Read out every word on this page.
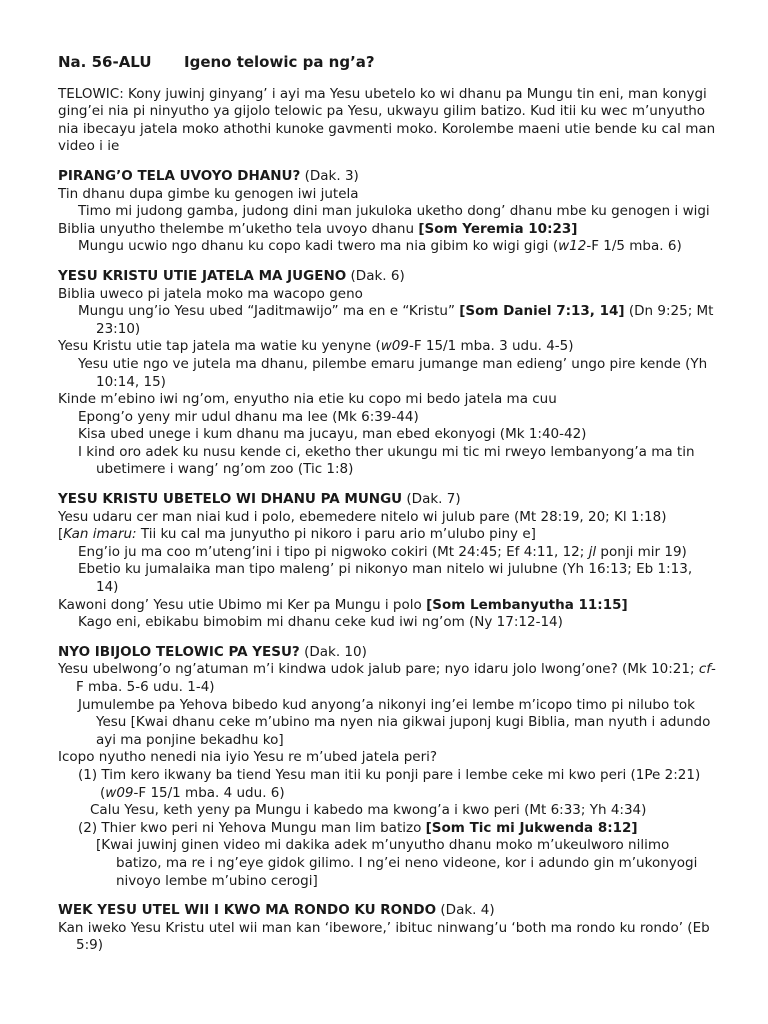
Na. 56-ALU Igeno telowic pa ng’a?
TELOWIC: Kony juwinj ginyang’ i ayi ma Yesu ubetelo ko wi dhanu pa Mungu tin eni, man konygi ging’ei nia pi ninyutho ya gijolo telowic pa Yesu, ukwayu gilim batizo. Kud itii ku wec m’unyutho nia ibecayu jatela moko athothi kunoke gavmenti moko. Korolembe maeni utie bende ku cal man video i ie
PIRANG’O TELA UVOYO DHANU? (Dak. 3)
Tin dhanu dupa gimbe ku genogen iwi jutela
Timo mi judong gamba, judong dini man jukuloka uketho dong’ dhanu mbe ku genogen i wigi
Biblia unyutho thelembe m’uketho tela uvoyo dhanu [Som Yeremia 10:23]
Mungu ucwio ngo dhanu ku copo kadi twero ma nia gibim ko wigi gigi (w12-F 1/5 mba. 6)
YESU KRISTU UTIE JATELA MA JUGENO (Dak. 6)
Biblia uweco pi jatela moko ma wacopo geno
Mungu ung’io Yesu ubed “Jaditmawijo” ma en e “Kristu” [Som Daniel 7:13, 14] (Dn 9:25; Mt 23:10)
Yesu Kristu utie tap jatela ma watie ku yenyne (w09-F 15/1 mba. 3 udu. 4-5)
Yesu utie ngo ve jutela ma dhanu, pilembe emaru jumange man edieng’ ungo pire kende (Yh 10:14, 15)
Kinde m’ebino iwi ng’om, enyutho nia etie ku copo mi bedo jatela ma cuu
Epong’o yeny mir udul dhanu ma lee (Mk 6:39-44)
Kisa ubed unege i kum dhanu ma jucayu, man ebed ekonyogi (Mk 1:40-42)
I kind oro adek ku nusu kende ci, eketho ther ukungu mi tic mi rweyo lembanyong’a ma tin ubetimere i wang’ ng’om zoo (Tic 1:8)
YESU KRISTU UBETELO WI DHANU PA MUNGU (Dak. 7)
Yesu udaru cer man niai kud i polo, ebemedere nitelo wi julub pare (Mt 28:19, 20; Kl 1:18)
[Kan imaru: Tii ku cal ma junyutho pi nikoro i paru ario m’ulubo piny e]
Eng’io ju ma coo m’uteng’ini i tipo pi nigwoko cokiri (Mt 24:45; Ef 4:11, 12; jl ponji mir 19)
Ebetio ku jumalaika man tipo maleng’ pi nikonyo man nitelo wi julubne (Yh 16:13; Eb 1:13, 14)
Kawoni dong’ Yesu utie Ubimo mi Ker pa Mungu i polo [Som Lembanyutha 11:15]
Kago eni, ebikabu bimobim mi dhanu ceke kud iwi ng’om (Ny 17:12-14)
NYO IBIJOLO TELOWIC PA YESU? (Dak. 10)
Yesu ubelwong’o ng’atuman m’i kindwa udok jalub pare; nyo idaru jolo lwong’one? (Mk 10:21; cf-F mba. 5-6 udu. 1-4)
Jumulembe pa Yehova bibedo kud anyong’a nikonyi ing’ei lembe m’icopo timo pi nilubo tok Yesu [Kwai dhanu ceke m’ubino ma nyen nia gikwai juponj kugi Biblia, man nyuth i adundo ayi ma ponjine bekadhu ko]
Icopo nyutho nenedi nia iyio Yesu re m’ubed jatela peri?
(1) Tim kero ikwany ba tiend Yesu man itii ku ponji pare i lembe ceke mi kwo peri (1Pe 2:21) (w09-F 15/1 mba. 4 udu. 6)
Calu Yesu, keth yeny pa Mungu i kabedo ma kwong’a i kwo peri (Mt 6:33; Yh 4:34)
(2) Thier kwo peri ni Yehova Mungu man lim batizo [Som Tic mi Jukwenda 8:12]
[Kwai juwinj ginen video mi dakika adek m’unyutho dhanu moko m’ukeulworo nilimo batizo, ma re i ng’eye gidok gilimo. I ng’ei neno videone, kor i adundo gin m’ukonyogi nivoyo lembe m’ubino cerogi]
WEK YESU UTEL WII I KWO MA RONDO KU RONDO (Dak. 4)
Kan iweko Yesu Kristu utel wii man kan ‘ibewore,’ ibituc ninwang’u ‘both ma rondo ku rondo’ (Eb 5:9)
